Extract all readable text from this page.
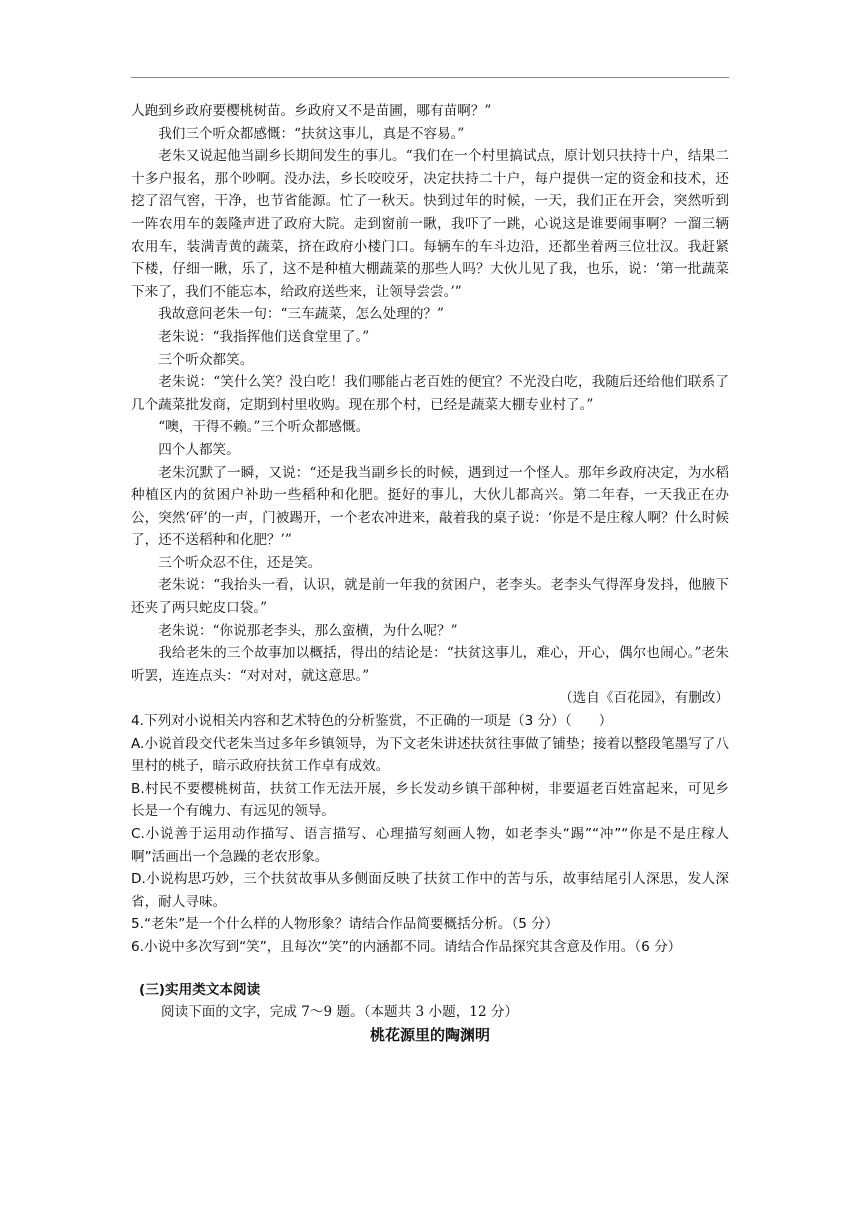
人跑到乡政府要樱桃树苗。乡政府又不是苗圃，哪有苗啊？”

我们三个听众都感慨：“扶贫这事儿，真是不容易。”

老朱又说起他当副乡长期间发生的事儿。“我们在一个村里搞试点，原计划只扶持十户，结果二十多户报名，那个吵啊。没办法，乡长咬咬牙，决定扶持二十户，每户提供一定的资金和技术，还挖了沼气窖，干净，也节省能源。忙了一秋天。快到过年的时候，一天，我们正在开会，突然听到一阵农用车的轰隆声进了政府大院。走到窗前一瞅，我吓了一跳，心说这是谁要闹事啊？一溜三辆农用车，装满青黄的蔬菜，挤在政府小楼门口。每辆车的车斗边沿，还都坐着两三位壮汉。我赶紧下楼，仔细一瞅，乐了，这不是种植大棚蔬菜的那些人吗？大伙儿见了我，也乐，说：‘第一批蔬菜下来了，我们不能忘本，给政府送些来，让领导尝尝。’”

我故意问老朱一句：“三车蔬菜，怎么处理的？”

老朱说：“我指挥他们送食堂里了。”

三个听众都笑。

老朱说：“笑什么笑？没白吃！我们哪能占老百姓的便宜？不光没白吃，我随后还给他们联系了几个蔬菜批发商，定期到村里收购。现在那个村，已经是蔬菜大棚专业村了。”

“噢，干得不赖。”三个听众都感慨。

四个人都笑。

老朱沉默了一瞬，又说：“还是我当副乡长的时候，遇到过一个怪人。那年乡政府决定，为水稻种植区内的贫困户补助一些稻种和化肥。挺好的事儿，大伙儿都高兴。第二年春，一天我正在办公，突然‘砰’的一声，门被踢开，一个老农冲进来，敲着我的桌子说：‘你是不是庄稼人啊？什么时候了，还不送稻种和化肥？’”

三个听众忍不住，还是笑。

老朱说：“我抬头一看，认识，就是前一年我的贫困户，老李头。老李头气得浑身发抖，他腋下还夹了两只蛇皮口袋。”

老朱说：“你说那老李头，那么蛮横，为什么呢？”

我给老朱的三个故事加以概括，得出的结论是：“扶贫这事儿，难心，开心，偶尔也闹心。”老朱听罢，连连点头：“对对对，就这意思。”

（选自《百花园》，有删改）

4.下列对小说相关内容和艺术特色的分析鉴赏，不正确的一项是（3 分）（　　）

A.小说首段交代老朱当过多年乡镇领导，为下文老朱讲述扶贫往事做了铺垫；接着以整段笔墨写了八里村的桃子，暗示政府扶贫工作卓有成效。

B.村民不要樱桃树苗，扶贫工作无法开展，乡长发动乡镇干部种树，非要逼老百姓富起来，可见乡长是一个有魄力、有远见的领导。

C.小说善于运用动作描写、语言描写、心理描写刻画人物，如老李头“踢”“冲”“你是不是庄稼人啊”活画出一个急躁的老农形象。

D.小说构思巧妙，三个扶贫故事从多侧面反映了扶贫工作中的苦与乐，故事结尾引人深思，发人深省，耐人寻味。

5.“老朱”是一个什么样的人物形象？请结合作品简要概括分析。（5 分）

6.小说中多次写到“笑”，且每次“笑”的内涵都不同。请结合作品探究其含意及作用。（6 分）

(三)实用类文本阅读

阅读下面的文字，完成 7～9 题。（本题共 3 小题，12 分）

桃花源里的陶渊明
